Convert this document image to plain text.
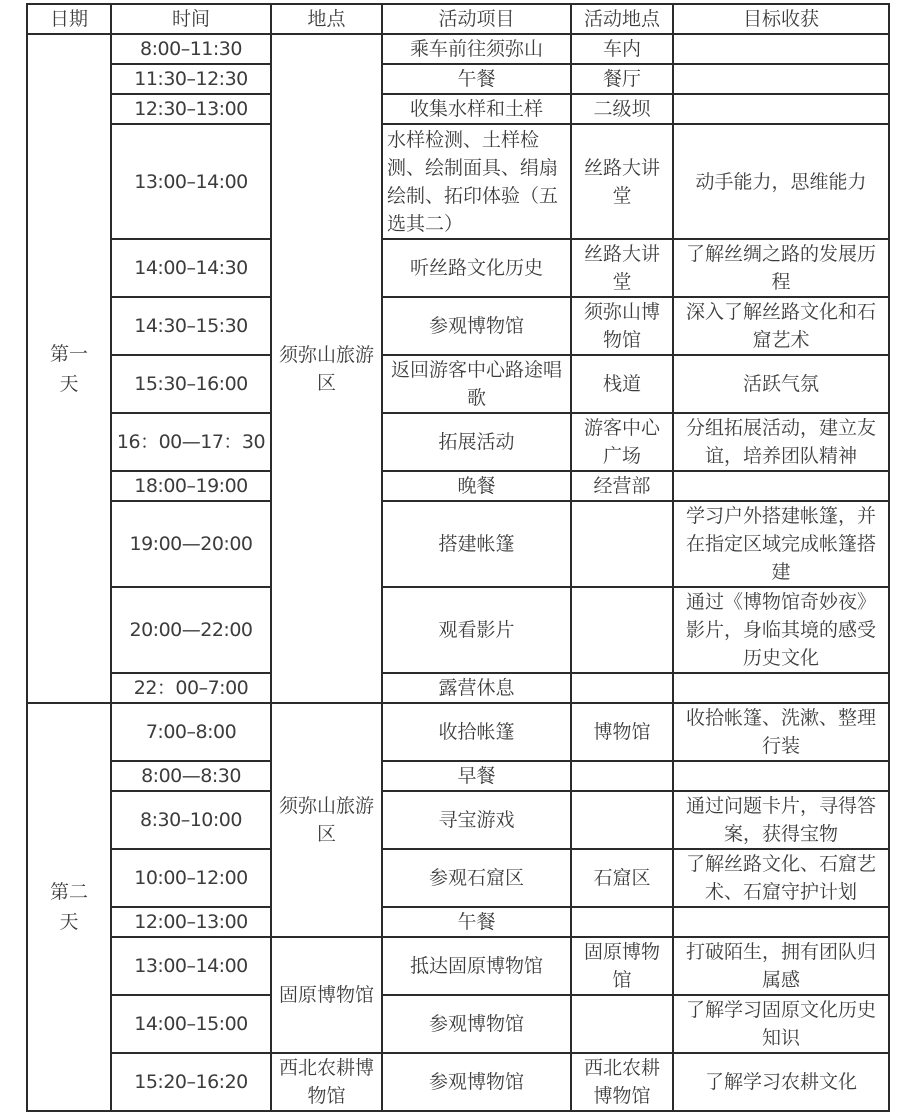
日期	时间	地点	活动项目	活动地点	目标收获
第一天	8:00–11:30	须弥山旅游区	乘车前往须弥山	车内	
	11:30–12:30		午餐	餐厅	
	12:30–13:00		收集水样和土样	二级坝	
	13:00–14:00		水样检测、土样检测、绘制面具、绢扇绘制、拓印体验（五选其二）	丝路大讲堂	动手能力，思维能力
	14:00–14:30		听丝路文化历史	丝路大讲堂	了解丝绸之路的发展历程
	14:30–15:30		参观博物馆	须弥山博物馆	深入了解丝路文化和石窟艺术
	15:30–16:00		返回游客中心路途唱歌	栈道	活跃气氛
	16：00—17：30		拓展活动	游客中心广场	分组拓展活动，建立友谊，培养团队精神
	18:00–19:00		晚餐	经营部	
	19:00—20:00		搭建帐篷		学习户外搭建帐篷，并在指定区域完成帐篷搭建
	20:00—22:00		观看影片		通过《博物馆奇妙夜》影片，身临其境的感受历史文化
	22：00–7:00		露营休息		
第二天	7:00–8:00	须弥山旅游区	收拾帐篷	博物馆	收拾帐篷、洗漱、整理行装
	8:00—8:30		早餐		
	8:30–10:00		寻宝游戏		通过问题卡片，寻得答案，获得宝物
	10:00–12:00		参观石窟区	石窟区	了解丝路文化、石窟艺术、石窟守护计划
	12:00–13:00		午餐		
	13:00–14:00	固原博物馆	抵达固原博物馆	固原博物馆	打破陌生，拥有团队归属感
	14:00–15:00		参观博物馆		了解学习固原文化历史知识
	15:20–16:20	西北农耕博物馆	参观博物馆	西北农耕博物馆	了解学习农耕文化
